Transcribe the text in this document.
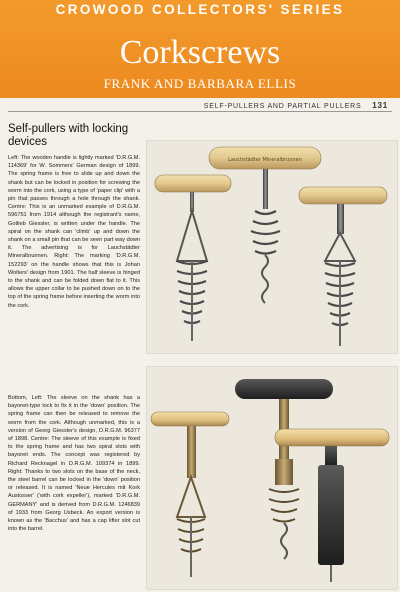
CROWOOD COLLECTORS' SERIES
Corkscrews
FRANK AND BARBARA ELLIS
SELF-PULLERS AND PARTIAL PULLERS 131
Self-pullers with locking devices
Left: The wooden handle is lightly marked 'D.R.G.M. 114369' for W. Sommers' German design of 1899. The spring frame is free to slide up and down the shank but can be locked in position for screwing the worm into the cork, using a type of 'paper clip' with a pin that passes through a hole through the shank. Centre: This is an unmarked example of D.R.G.M. 596751 from 1914 although the registrant's name, Gotlieb Giessler, is written under the handle. The spiral on the shank can 'climb' up and down the shank on a small pin that can be seen part way down it. The advertising is for Lauchstädter Mineralbrunnen. Right: The marking 'D.R.G.M. 152293' on the handle shows that this is Johan Wolters' design from 1901. The half sleeve is hinged to the shank and can be folded down flat to it. This allows the upper collar to be pushed down on to the top of the spring frame before inserting the worm into the cork.
Bottom, Left: The sleeve on the shank has a bayonet-type lock to fix it in the 'down' position. The spring frame can then be released to remove the worm from the cork. Although unmarked, this is a version of Georg Giessler's design, D.R.G.M. 96377 of 1898. Centre: The sleeve of this example is fixed to the spring frame and has two spiral slots with bayonet ends. The concept was registered by Richard Recknagel in D.R.G.M. 109374 in 1899. Right: Thanks to two slots on the base of the neck, the steel barrel can be locked in the 'down' position or released. It is named 'Neue Hercules mit Kork Austosser' ('with cork expeller'), marked 'D.R.G.M. GERMANY' and is derived from D.R.G.M. 1246839 of 1933 from Georg Usbeck. An export version is known as the 'Bacchus' and has a cap lifter slot cut into the barrel.
Lauchstädter Mineralbrunnen
